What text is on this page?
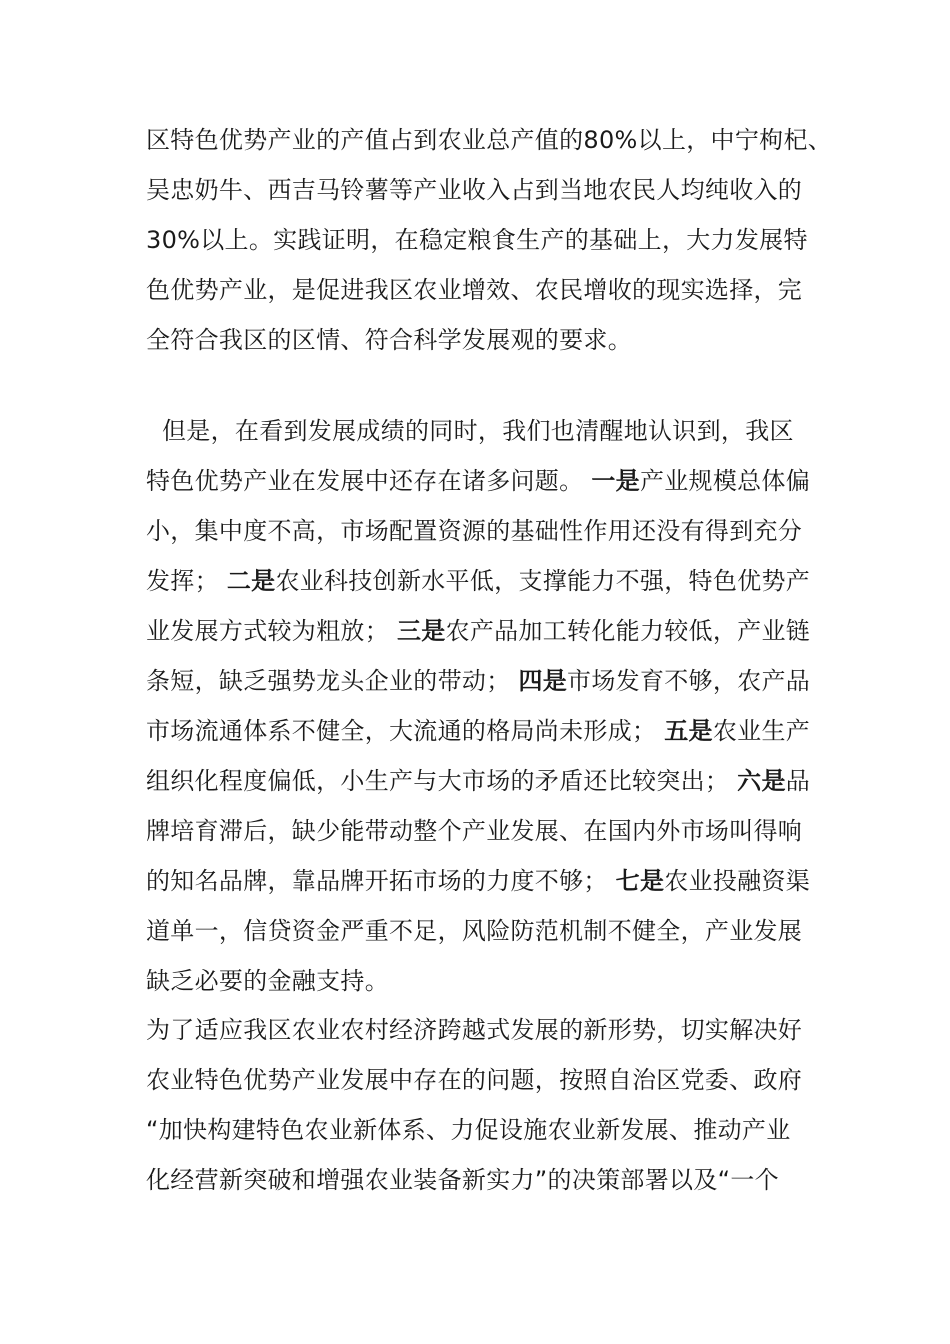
区特色优势产业的产值占到农业总产值的80%以上，中宁枸杞、

吴忠奶牛、西吉马铃薯等产业收入占到当地农民人均纯收入的

30%以上。实践证明，在稳定粮食生产的基础上，大力发展特

色优势产业，是促进我区农业增效、农民增收的现实选择，完

全符合我区的区情、符合科学发展观的要求。

但是，在看到发展成绩的同时，我们也清醒地认识到，我区

特色优势产业在发展中还存在诸多问题。 一是产业规模总体偏

小，集中度不高，市场配置资源的基础性作用还没有得到充分

发挥； 二是农业科技创新水平低，支撑能力不强，特色优势产

业发展方式较为粗放； 三是农产品加工转化能力较低，产业链

条短，缺乏强势龙头企业的带动； 四是市场发育不够，农产品

市场流通体系不健全，大流通的格局尚未形成； 五是农业生产

组织化程度偏低，小生产与大市场的矛盾还比较突出； 六是品

牌培育滞后，缺少能带动整个产业发展、在国内外市场叫得响

的知名品牌，靠品牌开拓市场的力度不够； 七是农业投融资渠

道单一，信贷资金严重不足，风险防范机制不健全，产业发展

缺乏必要的金融支持。

为了适应我区农业农村经济跨越式发展的新形势，切实解决好

农业特色优势产业发展中存在的问题，按照自治区党委、政府

“加快构建特色农业新体系、力促设施农业新发展、推动产业

化经营新突破和增强农业装备新实力”的决策部署以及“一个
